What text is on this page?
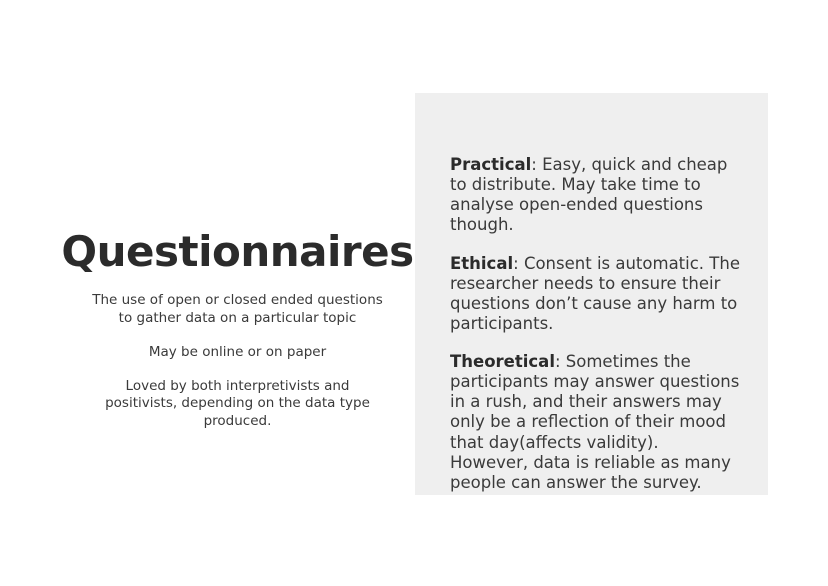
Questionnaires

The use of open or closed ended questions to gather data on a particular topic

May be online or on paper

Loved by both interpretivists and positivists, depending on the data type produced.

Practical: Easy, quick and cheap to distribute. May take time to analyse open-ended questions though.

Ethical: Consent is automatic. The researcher needs to ensure their questions don’t cause any harm to participants.

Theoretical: Sometimes the participants may answer questions in a rush, and their answers may only be a reflection of their mood that day(affects validity). However, data is reliable as many people can answer the survey.
